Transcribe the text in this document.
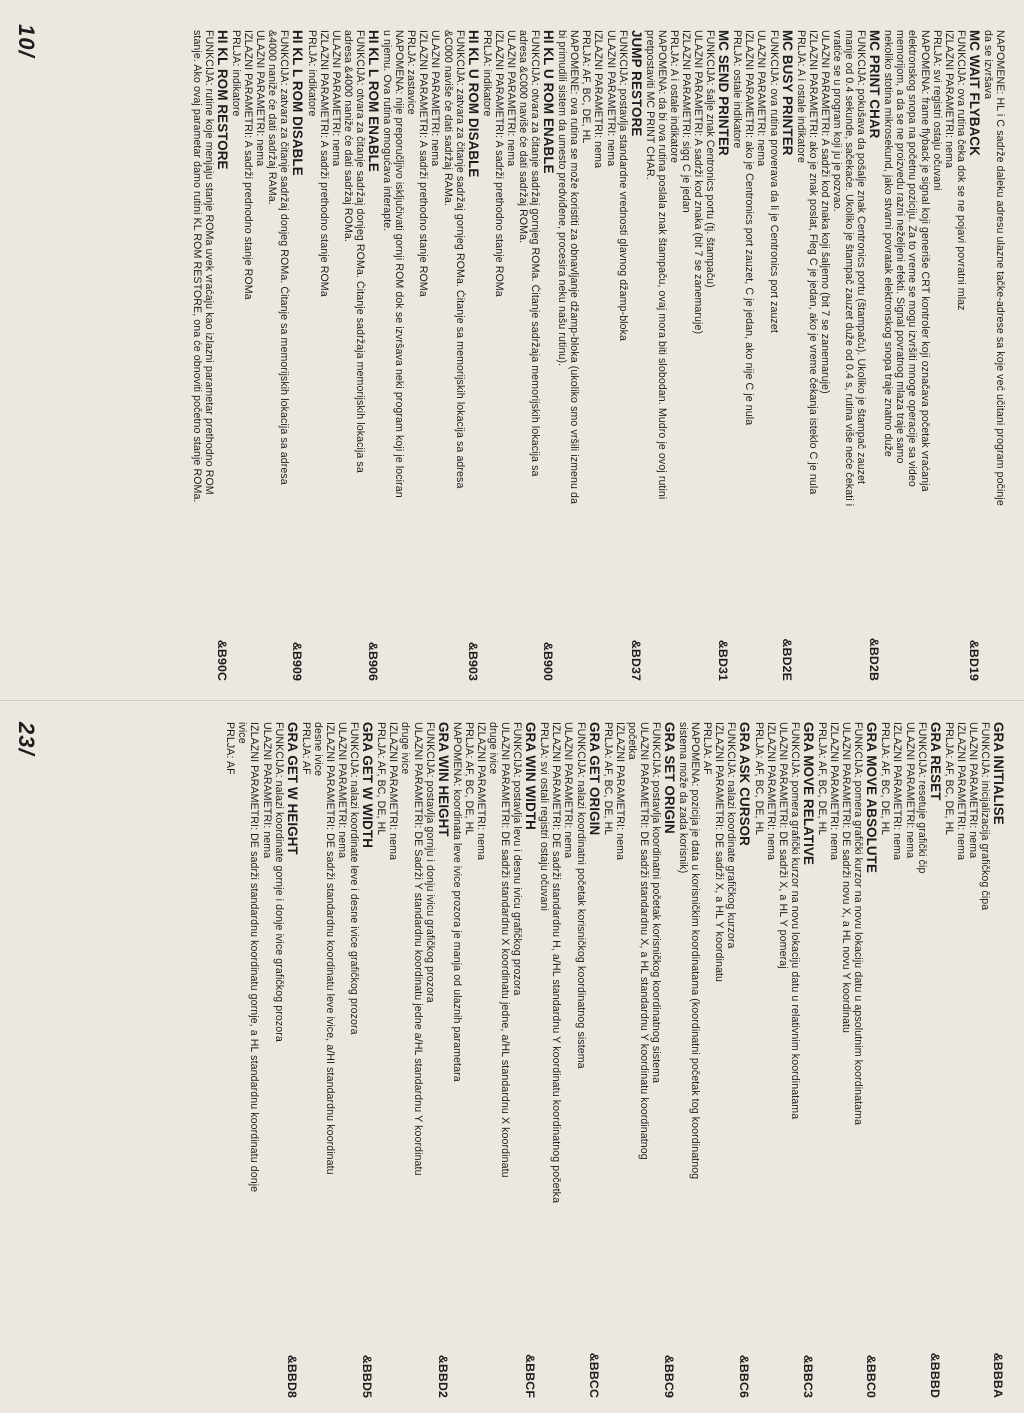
NAPOMENE: HL i C sadrže daleku adresu ulazne tačke-adrese sa koje već učitani program počinje
da se izvršava
MC WAIT FLYBACK
&BD19
FUNKCIJA: ova rutina čeka dok se ne pojavi povratni mlaz
IZLAZNI PARAMETRI: nema
PRLJA: svi registri ostaju očuvani
NAPOMENA: frame flyback je signal koji generiše CRT kontroler koji označava početak vraćanja
elektronskog snopa na početnu poziciju. Za to vreme se mogu izvršiti mnoge operacije sa video
memorijom, a da se ne proizvedu razni neželjeni efekti. Signal povratnog mlaza traje samo
nekoliko stotina mikrosekund, jako stvarni povratak elektronskog snopa traje znatno duže
MC PRINT CHAR
&BD2B
FUNKCIJA: pokušava da pošalje znak Centronics portu (štampaču). Ukoliko je štampač zauzet
manje od 0.4 sekunde, sačekaće. Ukoliko je štampač zauzet duže od 0.4 s, rutina više neće čekati i
vratiće se u program koji ju je pozvao.
ULAZNI PARAMETRI: A sadrži kod znaka koji šaljemo (bit 7 se zanemaruje)
IZLAZNI PARAMETRI: ako je znak poslat, Fleg C je jedan, ako je vreme čekanja isteklo C je nula
PRLJA: A i ostale indikatore
MC BUSY PRINTER
&BD2E
FUNKCIJA: ova rutina proverava da li je Centronics port zauzet
ULAZNI PARAMETRI: nema
IZLAZNI PARAMETRI: ako je Centronics port zauzet, C je jedan, ako nije C je nula
PRLJA: ostale indikatore
MC SEND PRINTER
&BD31
FUNKCIJA: šalje znak Centronics portu (tj. štampaču)
ULAZNI PARAMETRI: A sadrži kod znaka (bit 7 se zanemaruje)
IZLAZNI PARAMETRI: sigq C je jedan
PRLJA: A i ostale indikatore
NAPOMENA: da bi ova rutina poslala znak štampaču, ovaj mora biti slobodan. Mudro je ovoj rutini
pretpostaviti MC PRINT CHAR.
JUMP RESTORE
&BD37
FUNKCIJA: postavlja standardne vrednosti glavnog džamp-bloka
ULAZNI PARAMETRI: nema
IZLAZNI PARAMETRI: nema
PRLJA: AF, BC, DE, HL
NAPOMENE: ova rutina se može koristiti za obnavljanje džamp-bloka (ukoliko smo vršili izmenu da
bi primudili sistem da umesto predviđene, procesira neku našu rutinu).
HI KL U ROM ENABLE
&B900
FUNKCIJA: otvara za čitanje sadržaj gornjeg ROMa. Čitanje sadržaja memorijskih lokacija sa
adresa &C000 naviše će dati sadržaj ROMa.
ULAZNI PARAMETRI: nema
IZLAZNI PARAMETRI: A sadrži prethodno stanje ROMa
PRLJA: indikatore
HI KL U ROM DISABLE
&B903
FUNKCIJA: zatvara za čitanje sadržaj gornjeg ROMa. Čitanje sa memorijskih lokacija sa adresa
&C000 naviše će dati sadržaj RAMa.
ULAZNI PARAMETRI: nema
IZLAZNI PARAMETRI: A sadrži prethodno stanje ROMa
PRLJA: zastavice
NAPOMENA: nije preporučljivo isključivati gornji ROM dok se izvršava neki program koji je lociran
u njemu. Ova rutina omogućava interapte.
HI KL L ROM ENABLE
&B906
FUNKCIJA: otvara za čitanje sadržaj donjeg ROMa. Čitanje sadržaja memorijskih lokacija sa
adresa &4000 naniže će dati sadržaj ROMa.
ULAZNI PARAMETRI: nema
IZLAZNI PARAMETRI: A sadrži prethodno stanje ROMa
PRLJA: indikatore
HI KL L ROM DISABLE
&B909
FUNKCIJA: zatvara za čitanje sadržaj donjeg ROMa. Čitanje sa memorijskih lokacija sa adresa
&4000 naniže će dati sadržaj RAMa.
ULAZNI PARAMETRI: nema
IZLAZNI PARAMETRI: A sadrži prednodno stanje ROMa
PRLJA: indikatore
HI KL ROM RESTORE
&B90C
FUNKCIJA: rutine koje menjaju stanje ROMa uvek vraćaju kao izlazni parametar prethodno ROM
stanje. Ako ovaj parametar damo rutini KL ROM RESTORE, ona će obnoviti početno stanje ROMa.
GRA INITIALISE
&BBBA
FUNKCIJA: inicijalizacija grafičkog čipa
ULAZNI PARAMETRI: nema
IZLAZNI PARAMETRI: nema
PRLJA: AF, BC, DE, HL
GRA RESET
&BBBD
FUNKCIJA: resetuje grafički čip
ULAZNI PARAMETRI: nema
IZLAZNI PARAMETRI: nema
PRLJA: AF, BC, DE, HL
GRA MOVE ABSOLUTE
&BBC0
FUNKCIJA: pomera grafički kurzor na novu lokaciju datu u apsolutnim koordinatama
ULAZNI PARAMETRI: DE sadrži novu X, a HL novu Y koordinatu
IZLAZNI PARAMETRI: nema
PRLJA: AF, BC, DE, HL
GRA MOVE RELATIVE
&BBC3
FUNKCIJA: pomera grafički kurzor na novu lokaciju datu u relativnim koordinatama
ULAZNI PARAMETRI: DE sadrži X, a HL Y pomeraj
IZLAZNI PARAMETRI: nema
PRLJA: AF, BC, DE, HL
GRA ASK CURSOR
&BBC6
FUNKCIJA: nalazi koordinate grafičkog kurzora
IZLAZNI PARAMETRI: DE sadrži X, a HL Y koordinatu
PRLJA: AF
NAPOMENA: pozicija je data u korisničkim koordinatama (koordinatni početak tog koordinatnog
sistema može da zada korisnik)
GRA SET ORIGIN
&BBC9
FUNKCIJA: postavlja koordinatni početak korisničkog koordinatnog sistema
ULAZNI PARAMETRI: DE sadrži standardnu X, a HL standardnu Y koordinatu koordinatnog
početka
IZLAZNI PARAMETRI: nema
PRLJA: AF, BC, DE, HL
GRA GET ORIGIN
&BBCC
FUNKCIJA: nalazi koordinatni početak korisničkog koordinatnog sistema
ULAZNI PARAMETRI: nema
IZLAZNI PARAMETRI: DE sadrži standardnu H, a/HL standardnu Y koordinatu koordinatnog početka
PRLJA: svi ostali registri ostaju očuvani
GRA WIN WIDTH
&BBCF
FUNKCIJA: postavlja levu i desnu ivicu grafičkog prozora
ULAZNI PARAMETRI: DE sadrži standardnu X koordinatu jedne, a/HL standardnu X koordinatu
druge ivice
IZLAZNI PARAMETRI: nema
PRLJA: AF, BC, DE, HL
NAPOMENA: koordinata leve ivice prozora je manja od ulaznih parametara
GRA WIN HEIGHT
&BBD2
FUNKCIJA: postavlja gornju i donju ivicu grafičkog prozora
ULAZNI PARAMETRI: DE Sadrži Y standardnu koordinatu jedne a/HL standardnu Y koordinatu
druge ivice
IZLAZNI PARAMETRI: nema
PRLJA: AF, BC, DE, HL
GRA GET W WIDTH
&BBD5
FUNKCIJA: nalazi koordinate leve i desne ivice grafičkog prozora
ULAZNI PARAMETRI: nema
IZLAZNI PARAMETRI: DE sadrži standardnu koordinatu leve ivice, a/HI standardnu koordinatu
desne ivice
PRLJA: AF
GRA GET W HEIGHT
&BBD8
FUNKCIJA: nalazi koordinate gornje i donje ivice grafičkog prozora
ULAZNI PARAMETRI: nema
IZLAZNI PARAMETRI: DE sadrži standardnu koordinatu gornje, a HL standardnu koordinatu donje
ivice
PRLJA: AF
10/
23/
